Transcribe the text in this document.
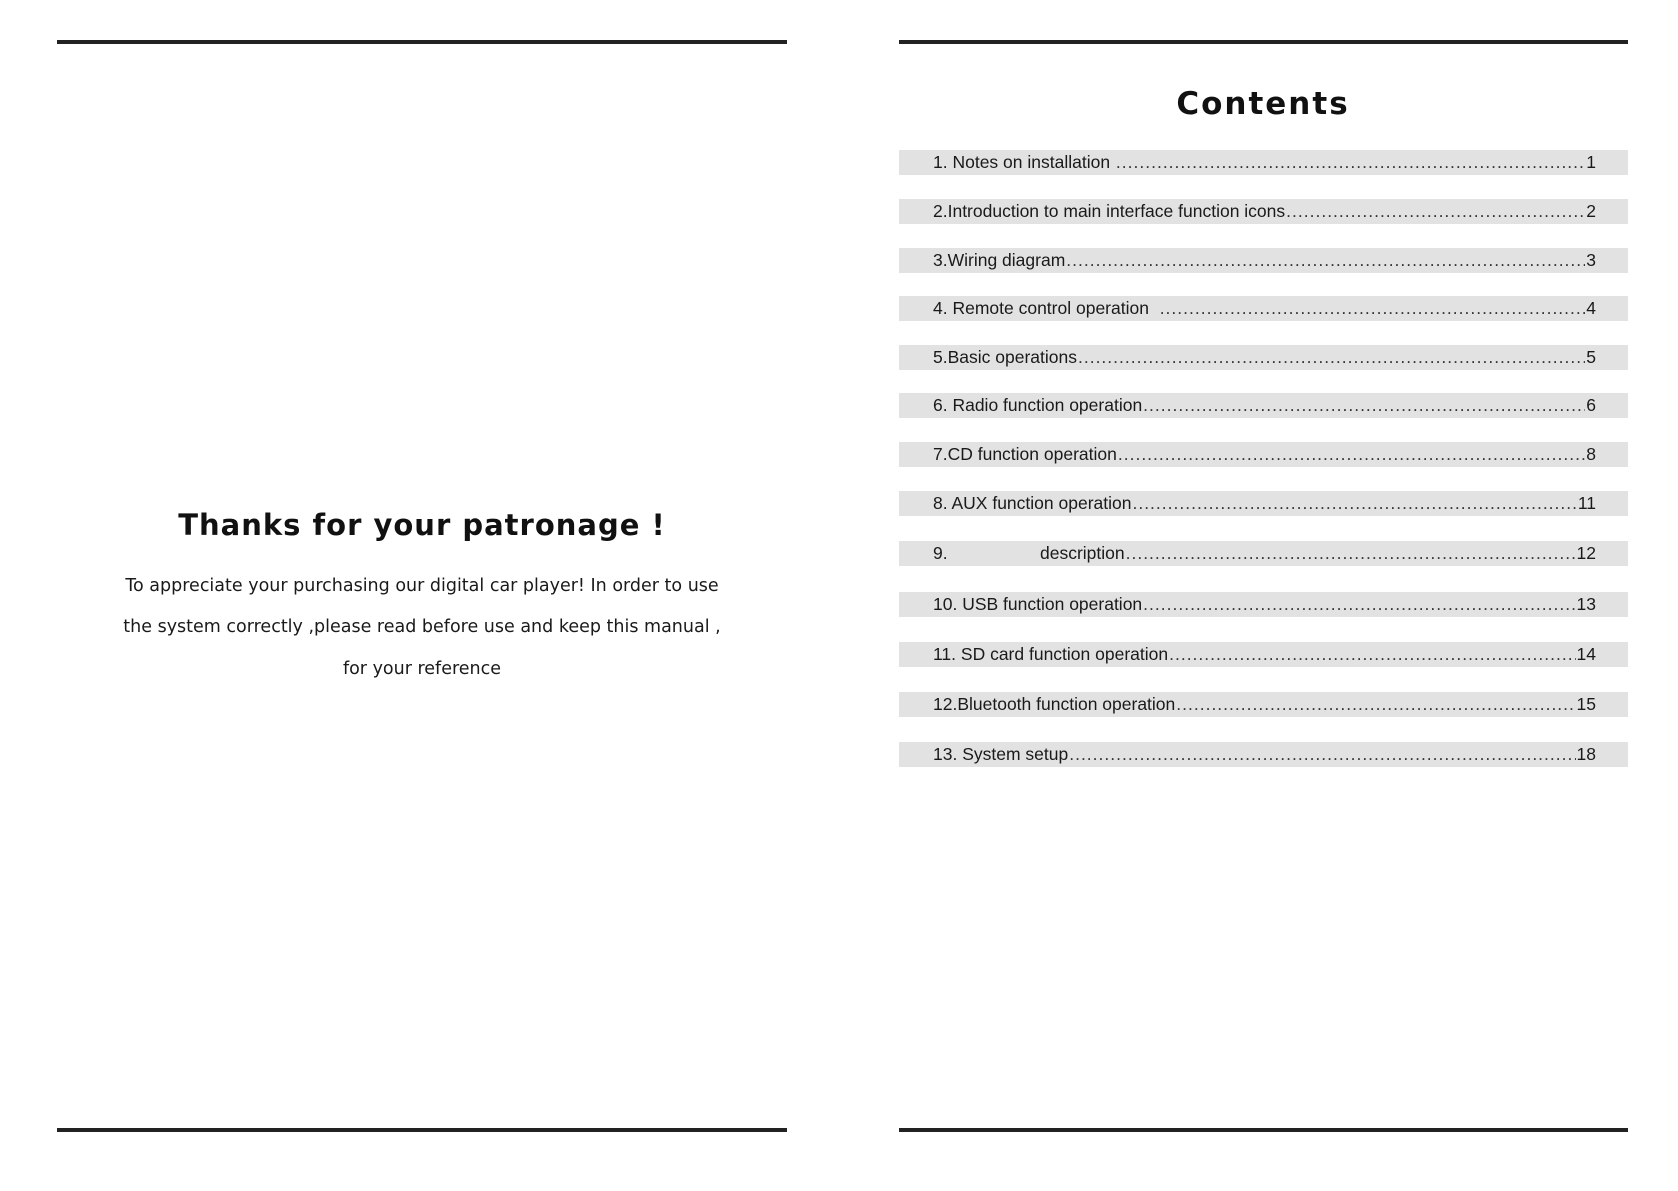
Thanks for your patronage !
To appreciate your purchasing our digital car player! In order to use
the system correctly ,please read before use and keep this manual ,
for your reference
Contents
1. Notes on installation .....	1
2.Introduction to main interface function icons .....	2
3.Wiring diagram .....	3
4. Remote control operation .....	4
5.Basic operations .....	5
6. Radio function operation .....	6
7.CD function operation .....	8
8. AUX function operation .....	11
9.                   description .....	12
10. USB function operation .....	13
11. SD card function operation .....	14
12.Bluetooth function operation .....	15
13. System setup .....	18
